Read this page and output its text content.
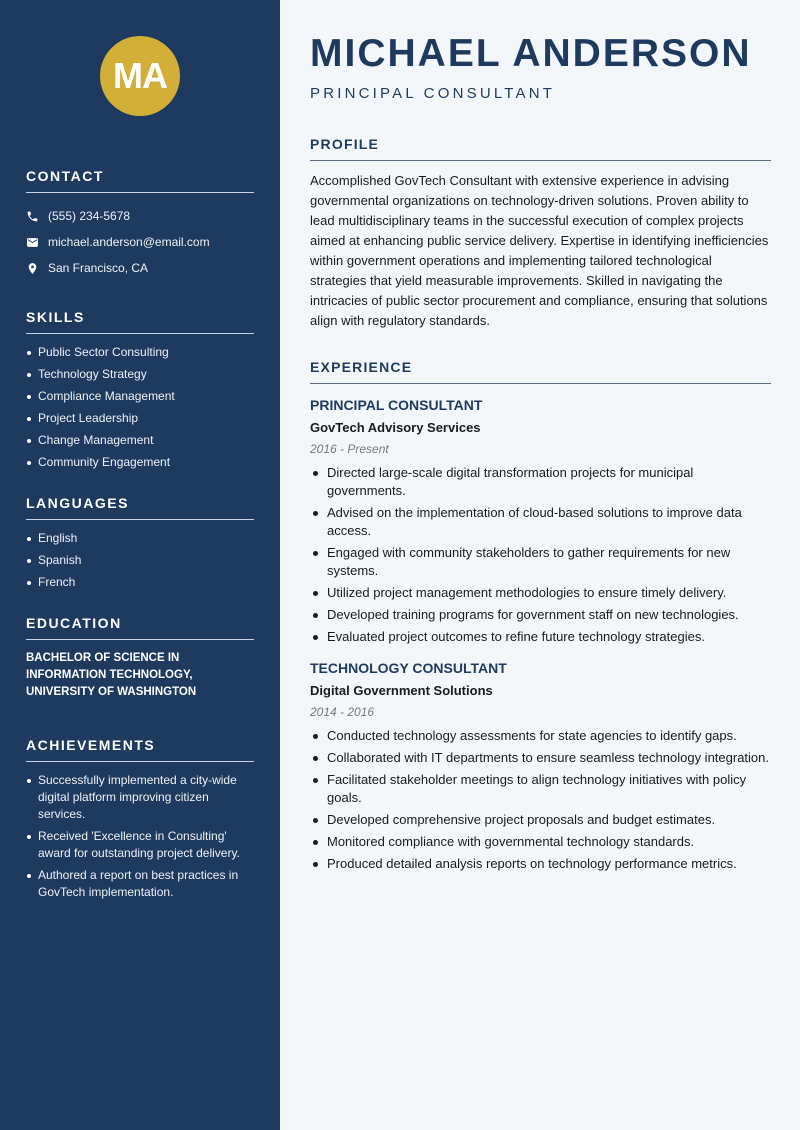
MA
CONTACT
(555) 234-5678
michael.anderson@email.com
San Francisco, CA
SKILLS
Public Sector Consulting
Technology Strategy
Compliance Management
Project Leadership
Change Management
Community Engagement
LANGUAGES
English
Spanish
French
EDUCATION
BACHELOR OF SCIENCE IN INFORMATION TECHNOLOGY, UNIVERSITY OF WASHINGTON
ACHIEVEMENTS
Successfully implemented a city-wide digital platform improving citizen services.
Received 'Excellence in Consulting' award for outstanding project delivery.
Authored a report on best practices in GovTech implementation.
MICHAEL ANDERSON
PRINCIPAL CONSULTANT
PROFILE

Accomplished GovTech Consultant with extensive experience in advising governmental organizations on technology-driven solutions. Proven ability to lead multidisciplinary teams in the successful execution of complex projects aimed at enhancing public service delivery. Expertise in identifying inefficiencies within government operations and implementing tailored technological strategies that yield measurable improvements. Skilled in navigating the intricacies of public sector procurement and compliance, ensuring that solutions align with regulatory standards.

EXPERIENCE
PRINCIPAL CONSULTANT
GovTech Advisory Services
2016 - Present
Directed large-scale digital transformation projects for municipal governments.
Advised on the implementation of cloud-based solutions to improve data access.
Engaged with community stakeholders to gather requirements for new systems.
Utilized project management methodologies to ensure timely delivery.
Developed training programs for government staff on new technologies.
Evaluated project outcomes to refine future technology strategies.
TECHNOLOGY CONSULTANT
Digital Government Solutions
2014 - 2016
Conducted technology assessments for state agencies to identify gaps.
Collaborated with IT departments to ensure seamless technology integration.
Facilitated stakeholder meetings to align technology initiatives with policy goals.
Developed comprehensive project proposals and budget estimates.
Monitored compliance with governmental technology standards.
Produced detailed analysis reports on technology performance metrics.
